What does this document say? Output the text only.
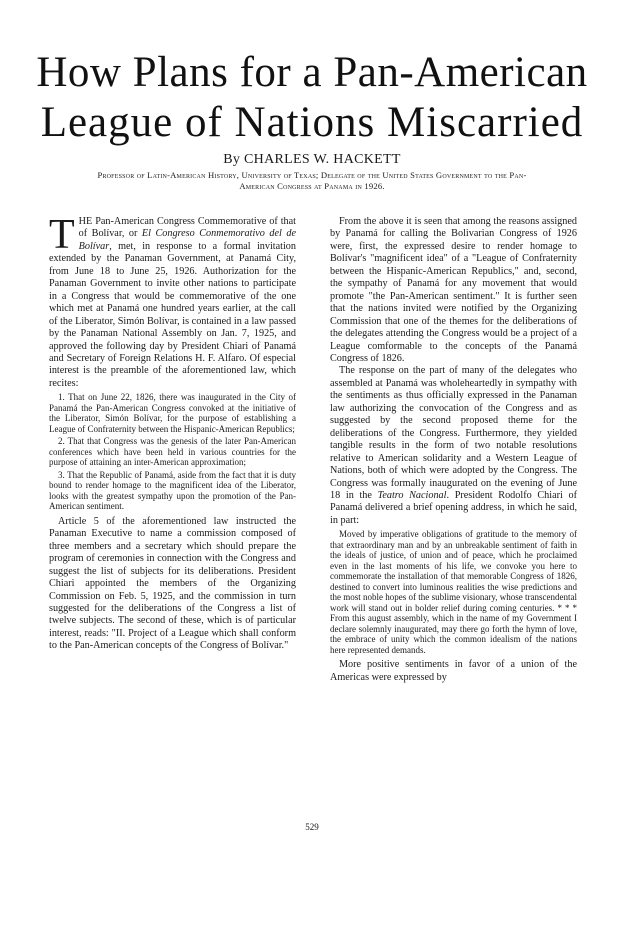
How Plans for a Pan-American
League of Nations Miscarried
By CHARLES W. HACKETT
Professor of Latin-American History, University of Texas; Delegate of the United States Government to the Pan-American Congress at Panama in 1926.

THE Pan-American Congress Commemorative of that of Bolívar, or El Congreso Conmemorativo del de Bolívar, met, in response to a formal invitation extended by the Panaman Government, at Panamá City, from June 18 to June 25, 1926. Authorization for the Panaman Government to invite other nations to participate in a Congress that would be commemorative of the one which met at Panamá one hundred years earlier, at the call of the Liberator, Simón Bolívar, is contained in a law passed by the Panaman National Assembly on Jan. 7, 1925, and approved the following day by President Chiari of Panamá and Secretary of Foreign Relations H. F. Alfaro. Of especial interest is the preamble of the aforementioned law, which recites:

1. That on June 22, 1826, there was inaugurated in the City of Panamá the Pan-American Congress convoked at the initiative of the Liberator, Simón Bolívar, for the purpose of establishing a League of Confraternity between the Hispanic-American Republics;

2. That that Congress was the genesis of the later Pan-American conferences which have been held in various countries for the purpose of attaining an inter-American approximation;

3. That the Republic of Panamá, aside from the fact that it is duty bound to render homage to the magnificent idea of the Liberator, looks with the greatest sympathy upon the promotion of the Pan-American sentiment.

Article 5 of the aforementioned law instructed the Panaman Executive to name a commission composed of three members and a secretary which should prepare the program of ceremonies in connection with the Congress and suggest the list of subjects for its deliberations. President Chiari appointed the members of the Organizing Commission on Feb. 5, 1925, and the commission in turn suggested for the deliberations of the Congress a list of twelve subjects. The second of these, which is of particular interest, reads: "II. Project of a League which shall conform to the Pan-American concepts of the Congress of Bolívar."

From the above it is seen that among the reasons assigned by Panamá for calling the Bolivarian Congress of 1926 were, first, the expressed desire to render homage to Bolívar's "magnificent idea" of a "League of Confraternity between the Hispanic-American Republics," and, second, the sympathy of Panamá for any movement that would promote "the Pan-American sentiment." It is further seen that the nations invited were notified by the Organizing Commission that one of the themes for the deliberations of the delegates attending the Congress would be a project of a League comformable to the concepts of the Panamá Congress of 1826.

The response on the part of many of the delegates who assembled at Panamá was wholeheartedly in sympathy with the sentiments as thus officially expressed in the Panaman law authorizing the convocation of the Congress and as suggested by the second proposed theme for the deliberations of the Congress. Furthermore, they yielded tangible results in the form of two notable resolutions relative to American solidarity and a Western League of Nations, both of which were adopted by the Congress. The Congress was formally inaugurated on the evening of June 18 in the Teatro Nacional. President Rodolfo Chiari of Panamá delivered a brief opening address, in which he said, in part:

Moved by imperative obligations of gratitude to the memory of that extraordinary man and by an unbreakable sentiment of faith in the ideals of justice, of union and of peace, which he proclaimed even in the last moments of his life, we convoke you here to commemorate the installation of that memorable Congress of 1826, destined to convert into luminous realities the wise predictions and the most noble hopes of the sublime visionary, whose transcendental work will stand out in bolder relief during coming centuries. * * * From this august assembly, which in the name of my Government I declare solemnly inaugurated, may there go forth the hymn of love, the embrace of unity which the common idealism of the nations here represented demands.

More positive sentiments in favor of a union of the Americas were expressed by

529
